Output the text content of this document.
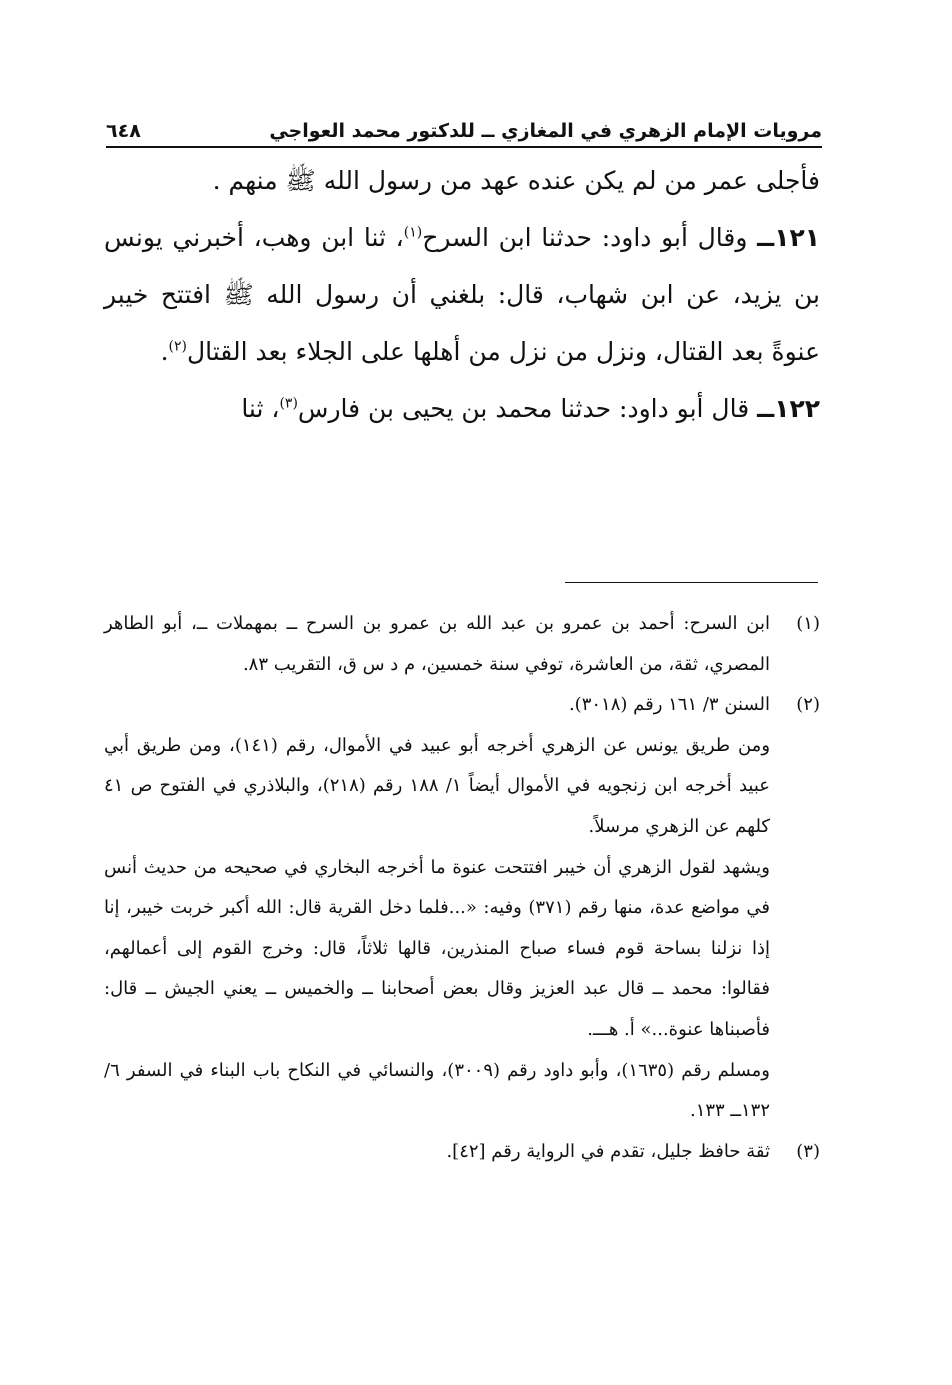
مرويات الإمام الزهري في المغازي ــ للدكتور محمد العواجي
٦٤٨

فأجلى عمر من لم يكن عنده عهد من رسول الله ﷺ منهم .

١٢١ــ وقال أبو داود: حدثنا ابن السرح$^{(١)}$، ثنا ابن وهب، أخبرني يونس بن يزيد، عن ابن شهاب، قال: بلغني أن رسول الله ﷺ افتتح خيبر عنوةً بعد القتال، ونزل من نزل من أهلها على الجلاء بعد القتال$^{(٢)}$.

١٢٢ــ قال أبو داود: حدثنا محمد بن يحيى بن فارس$^{(٣)}$، ثنا

(١)
ابن السرح: أحمد بن عمرو بن عبد الله بن عمرو بن السرح ــ بمهملات ــ، أبو الطاهر المصري، ثقة، من العاشرة، توفي سنة خمسين، م د س ق، التقريب ٨٣.
(٢)
السنن ٣/ ١٦١ رقم (٣٠١٨).

ومن طريق يونس عن الزهري أخرجه أبو عبيد في الأموال، رقم (١٤١)، ومن طريق أبي عبيد أخرجه ابن زنجويه في الأموال أيضاً ١/ ١٨٨ رقم (٢١٨)، والبلاذري في الفتوح ص ٤١ كلهم عن الزهري مرسلاً.

ويشهد لقول الزهري أن خيبر افتتحت عنوة ما أخرجه البخاري في صحيحه من حديث أنس في مواضع عدة، منها رقم (٣٧١) وفيه: «...فلما دخل القرية قال: الله أكبر خربت خيبر، إنا إذا نزلنا بساحة قوم فساء صباح المنذرين، قالها ثلاثاً، قال: وخرج القوم إلى أعمالهم، فقالوا: محمد ــ قال عبد العزيز وقال بعض أصحابنا ــ والخميس ــ يعني الجيش ــ قال: فأصبناها عنوة...» أ. هـــ.

ومسلم رقم (١٦٣٥)، وأبو داود رقم (٣٠٠٩)، والنسائي في النكاح باب البناء في السفر ٦/ ١٣٢ــ ١٣٣.

(٣)
ثقة حافظ جليل، تقدم في الرواية رقم [٤٢].
